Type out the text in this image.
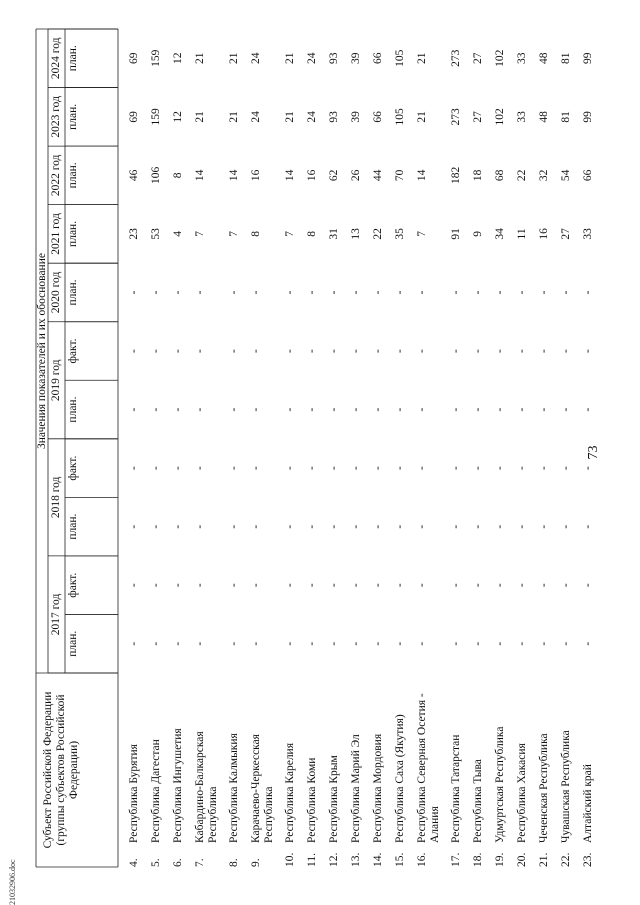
73
21032906.doc
Субъект Российской Федерации (группы субъектов Российской Федерации)
Значения показателей и их обоснование
2017 год
2018 год
2019 год
2020 год
2021 год
2022 год
2023 год
2024 год
план.
факт.
план.
факт.
план.
факт.
план.
план.
план.
план.
план.
4.
Республика Бурятия
-
-
-
-
-
-
-
23
46
69
69
5.
Республика Дагестан
-
-
-
-
-
-
-
53
106
159
159
6.
Республика Ингушетия
-
-
-
-
-
-
-
4
8
12
12
7.
Кабардино-Балкарская Республика
-
-
-
-
-
-
-
7
14
21
21
8.
Республика Калмыкия
-
-
-
-
-
-
-
7
14
21
21
9.
Карачаево-Черкесская Республика
-
-
-
-
-
-
-
8
16
24
24
10.
Республика Карелия
-
-
-
-
-
-
-
7
14
21
21
11.
Республика Коми
-
-
-
-
-
-
-
8
16
24
24
12.
Республика Крым
-
-
-
-
-
-
-
31
62
93
93
13.
Республика Марий Эл
-
-
-
-
-
-
-
13
26
39
39
14.
Республика Мордовия
-
-
-
-
-
-
-
22
44
66
66
15.
Республика Саха (Якутия)
-
-
-
-
-
-
-
35
70
105
105
16.
Республика Северная Осетия - Алания
-
-
-
-
-
-
-
7
14
21
21
17.
Республика Татарстан
-
-
-
-
-
-
-
91
182
273
273
18.
Республика Тыва
-
-
-
-
-
-
-
9
18
27
27
19.
Удмуртская Республика
-
-
-
-
-
-
-
34
68
102
102
20.
Республика Хакасия
-
-
-
-
-
-
-
11
22
33
33
21.
Чеченская Республика
-
-
-
-
-
-
-
16
32
48
48
22.
Чувашская Республика
-
-
-
-
-
-
-
27
54
81
81
23.
Алтайский край
-
-
-
-
-
-
-
33
66
99
99
